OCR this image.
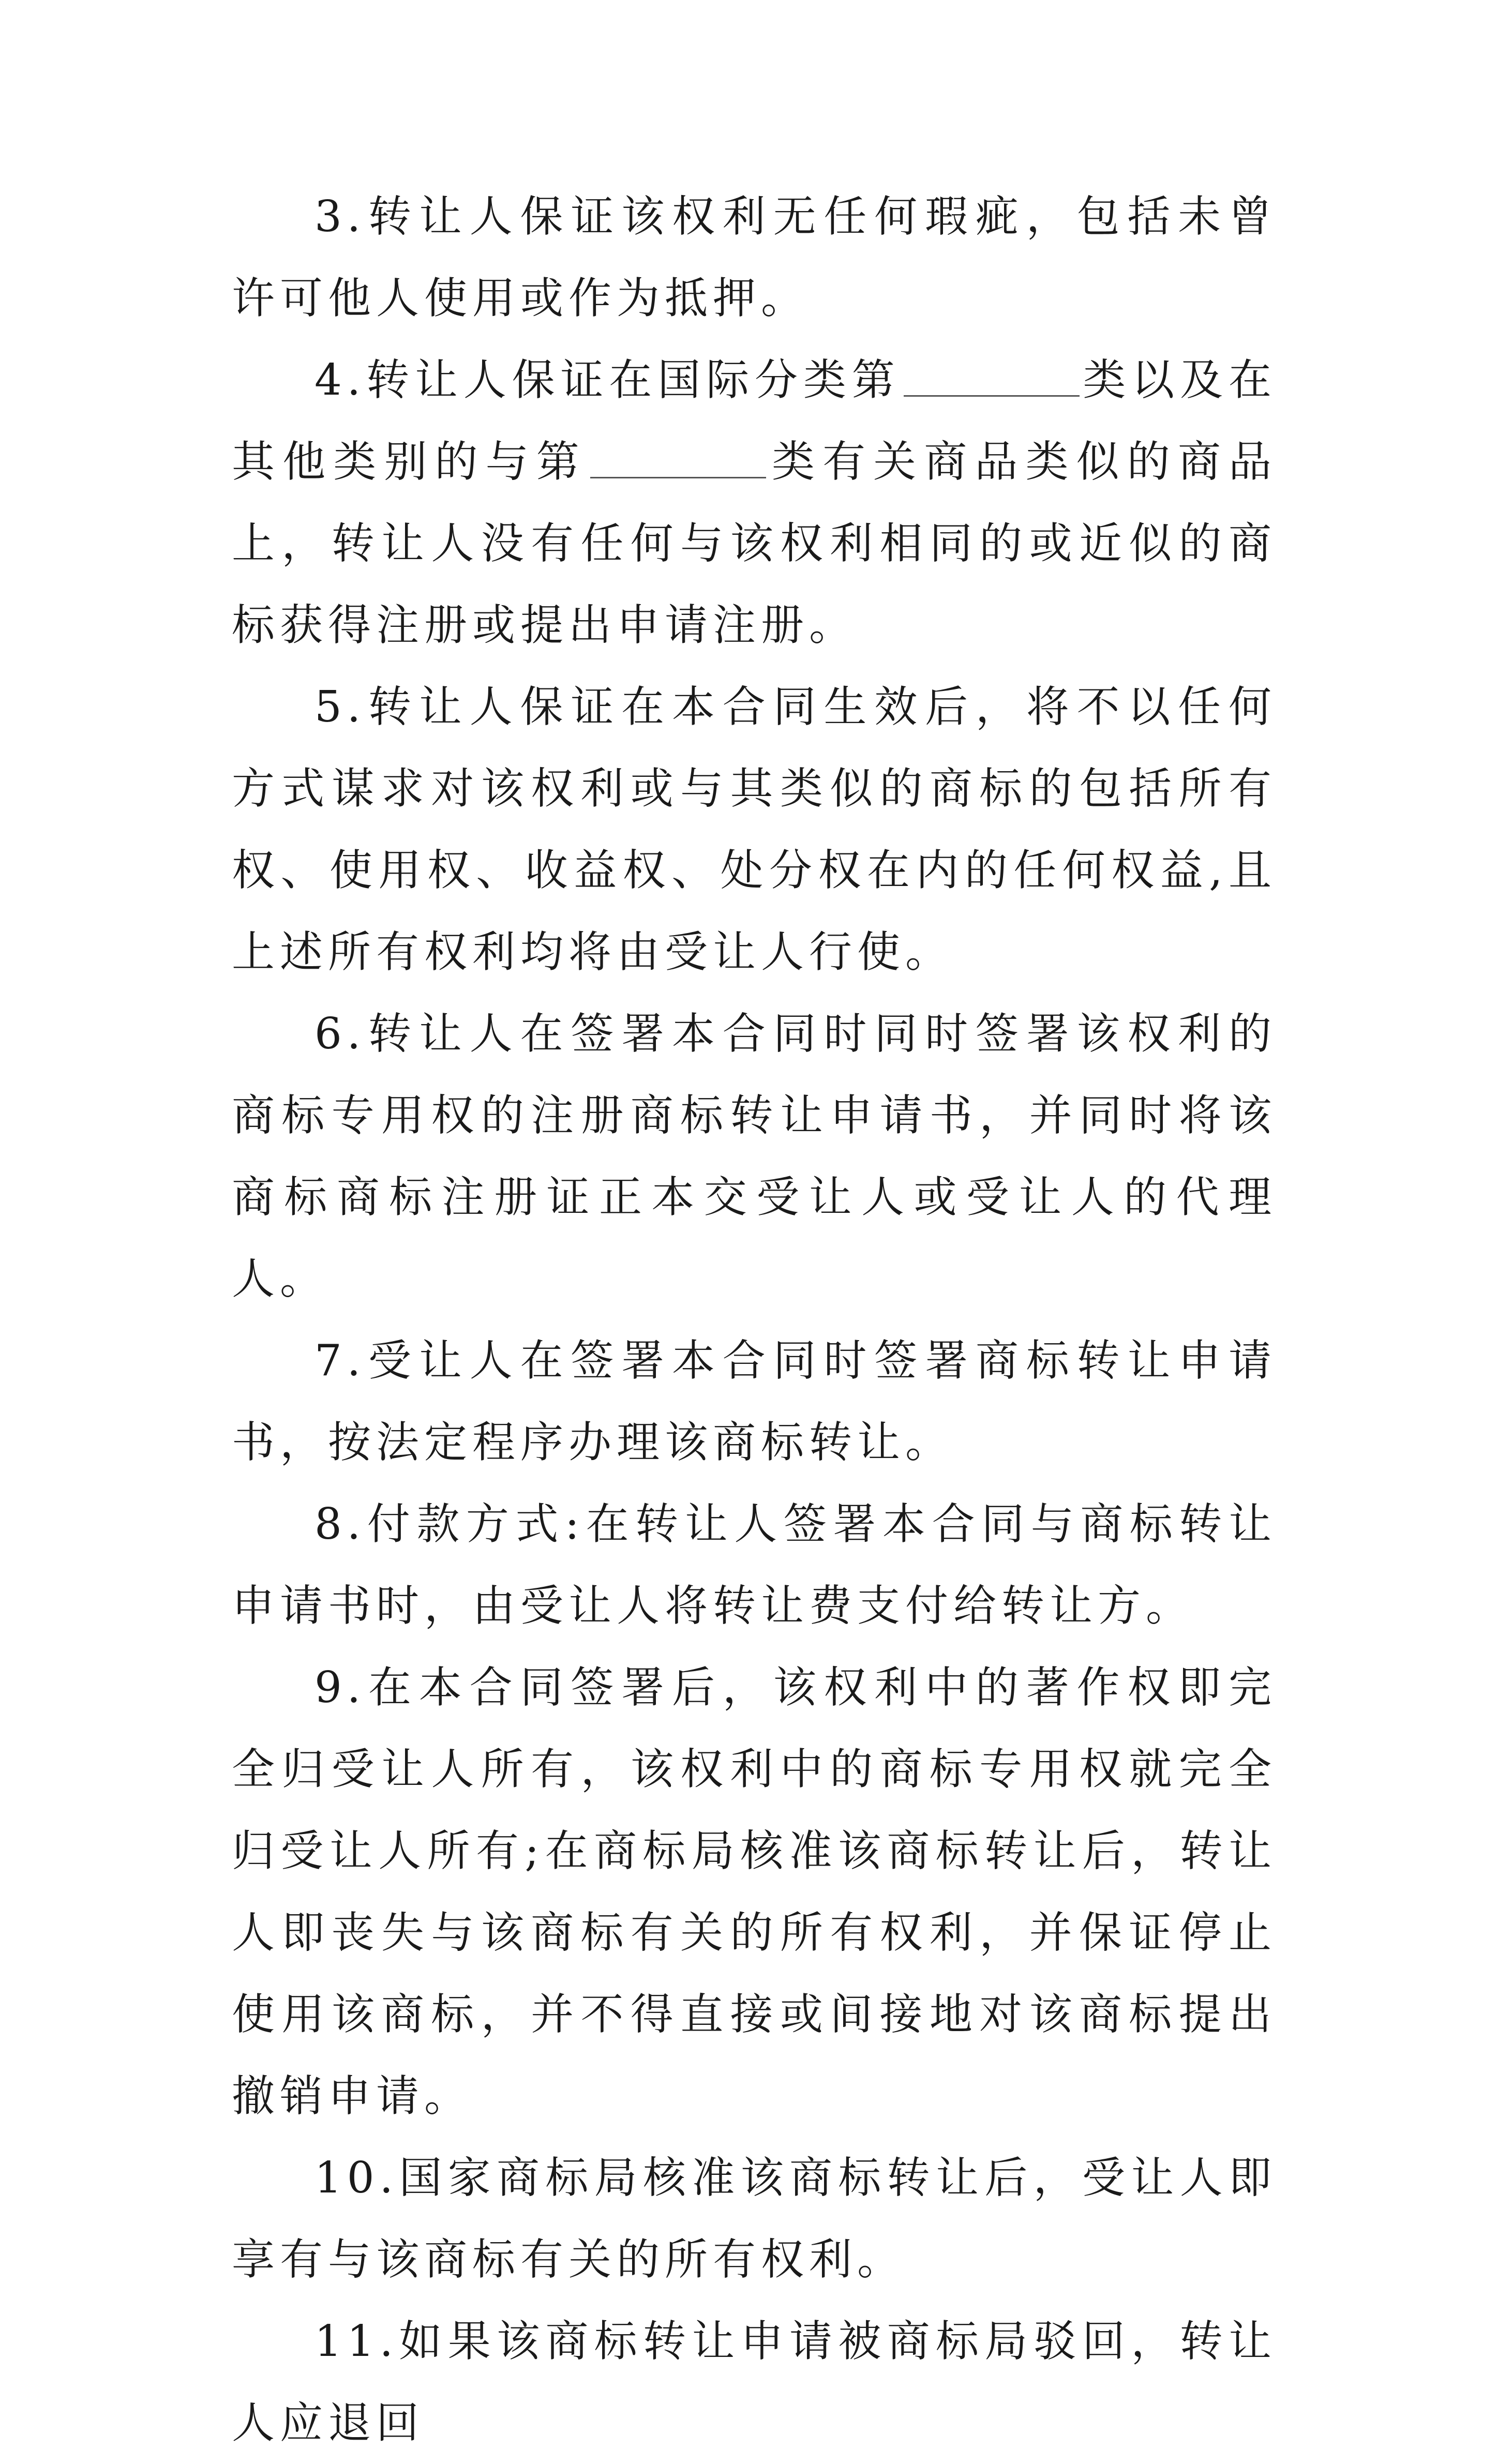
3.转让人保证该权利无任何瑕疵，包括未曾许可他人使用或作为抵押。

4.转让人保证在国际分类第	类以及在其他类别的与第	类有关商品类似的商品上，转让人没有任何与该权利相同的或近似的商标获得注册或提出申请注册。

5.转让人保证在本合同生效后，将不以任何方式谋求对该权利或与其类似的商标的包括所有权、使用权、收益权、处分权在内的任何权益,且上述所有权利均将由受让人行使。

6.转让人在签署本合同时同时签署该权利的商标专用权的注册商标转让申请书，并同时将该商标商标注册证正本交受让人或受让人的代理人。

7.受让人在签署本合同时签署商标转让申请书，按法定程序办理该商标转让。

8.付款方式:在转让人签署本合同与商标转让申请书时，由受让人将转让费支付给转让方。

9.在本合同签署后，该权利中的著作权即完全归受让人所有，该权利中的商标专用权就完全归受让人所有;在商标局核准该商标转让后，转让人即丧失与该商标有关的所有权利，并保证停止使用该商标，并不得直接或间接地对该商标提出撤销申请。

10.国家商标局核准该商标转让后，受让人即享有与该商标有关的所有权利。

11.如果该商标转让申请被商标局驳回，转让人应退回
